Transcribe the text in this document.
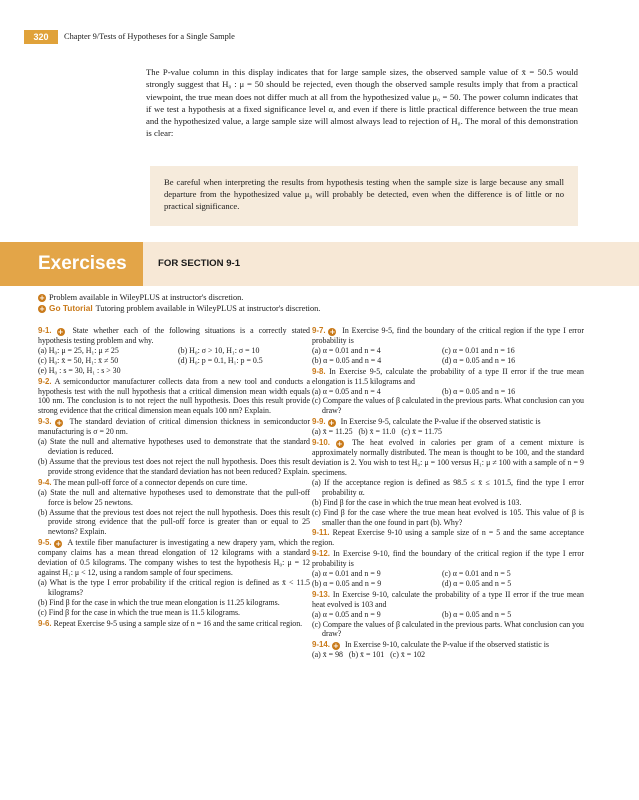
320	Chapter 9/Tests of Hypotheses for a Single Sample

The P-value column in this display indicates that for large sample sizes, the observed sample value of x̄ = 50.5 would strongly suggest that H₀ : μ = 50 should be rejected, even though the observed sample results imply that from a practical viewpoint, the true mean does not differ much at all from the hypothesized value μ₀ = 50. The power column indicates that if we test a hypothesis at a fixed significance level α, and even if there is little practical difference between the true mean and the hypothesized value, a large sample size will almost always lead to rejection of H₀. The moral of this demonstration is clear:

Be careful when interpreting the results from hypothesis testing when the sample size is large because any small departure from the hypothesized value μ₀ will probably be detected, even when the difference is of little or no practical significance.

Exercises	FOR SECTION 9-1
+ Problem available in WileyPLUS at instructor's discretion.
+ Go Tutorial Tutoring problem available in WileyPLUS at instructor's discretion.
9-1. + State whether each of the following situations is a correctly stated hypothesis testing problem and why.
(a) H₀: μ = 25, H₁: μ ≠ 25	(b) H₀: σ > 10, H₁: σ = 10
(c) H₀: x̄ = 50, H₁: x̄ ≠ 50	(d) H₀: p = 0.1, H₁: p = 0.5
(e) H₀ : s = 30, H₁ : s > 30
9-2. A semiconductor manufacturer collects data from a new tool and conducts a hypothesis test with the null hypothesis that a critical dimension mean width equals 100 nm. The conclusion is to not reject the null hypothesis. Does this result provide strong evidence that the critical dimension mean equals 100 nm? Explain.
9-3. + The standard deviation of critical dimension thickness in semiconductor manufacturing is σ = 20 nm.
(a) State the null and alternative hypotheses used to demonstrate that the standard deviation is reduced.
(b) Assume that the previous test does not reject the null hypothesis. Does this result provide strong evidence that the standard deviation has not been reduced? Explain.
9-4. The mean pull-off force of a connector depends on cure time.
(a) State the null and alternative hypotheses used to demonstrate that the pull-off force is below 25 newtons.
(b) Assume that the previous test does not reject the null hypothesis. Does this result provide strong evidence that the pull-off force is greater than or equal to 25 newtons? Explain.
9-5. + A textile fiber manufacturer is investigating a new drapery yarn, which the company claims has a mean thread elongation of 12 kilograms with a standard deviation of 0.5 kilograms. The company wishes to test the hypothesis H₀: μ = 12 against H₁: μ < 12, using a random sample of four specimens.
(a) What is the type I error probability if the critical region is defined as x̄ < 11.5 kilograms?
(b) Find β for the case in which the true mean elongation is 11.25 kilograms.
(c) Find β for the case in which the true mean is 11.5 kilograms.
9-6. Repeat Exercise 9-5 using a sample size of n = 16 and the same critical region.
9-7. + In Exercise 9-5, find the boundary of the critical region if the type I error probability is
(a) α = 0.01 and n = 4	(c) α = 0.01 and n = 16
(b) α = 0.05 and n = 4	(d) α = 0.05 and n = 16
9-8. In Exercise 9-5, calculate the probability of a type II error if the true mean elongation is 11.5 kilograms and
(a) α = 0.05 and n = 4	(b) α = 0.05 and n = 16
(c) Compare the values of β calculated in the previous parts. What conclusion can you draw?
9-9. + In Exercise 9-5, calculate the P-value if the observed statistic is
(a) x̄ = 11.25   (b) x̄ = 11.0   (c) x̄ = 11.75
9-10. + The heat evolved in calories per gram of a cement mixture is approximately normally distributed. The mean is thought to be 100, and the standard deviation is 2. You wish to test H₀: μ = 100 versus H₁: μ ≠ 100 with a sample of n = 9 specimens.
(a) If the acceptance region is defined as 98.5 ≤ x̄ ≤ 101.5, find the type I error probability α.
(b) Find β for the case in which the true mean heat evolved is 103.
(c) Find β for the case where the true mean heat evolved is 105. This value of β is smaller than the one found in part (b). Why?
9-11. Repeat Exercise 9-10 using a sample size of n = 5 and the same acceptance region.
9-12. In Exercise 9-10, find the boundary of the critical region if the type I error probability is
(a) α = 0.01 and n = 9	(c) α = 0.01 and n = 5
(b) α = 0.05 and n = 9	(d) α = 0.05 and n = 5
9-13. In Exercise 9-10, calculate the probability of a type II error if the true mean heat evolved is 103 and
(a) α = 0.05 and n = 9	(b) α = 0.05 and n = 5
(c) Compare the values of β calculated in the previous parts. What conclusion can you draw?
9-14. + In Exercise 9-10, calculate the P-value if the observed statistic is
(a) x̄ = 98   (b) x̄ = 101   (c) x̄ = 102
